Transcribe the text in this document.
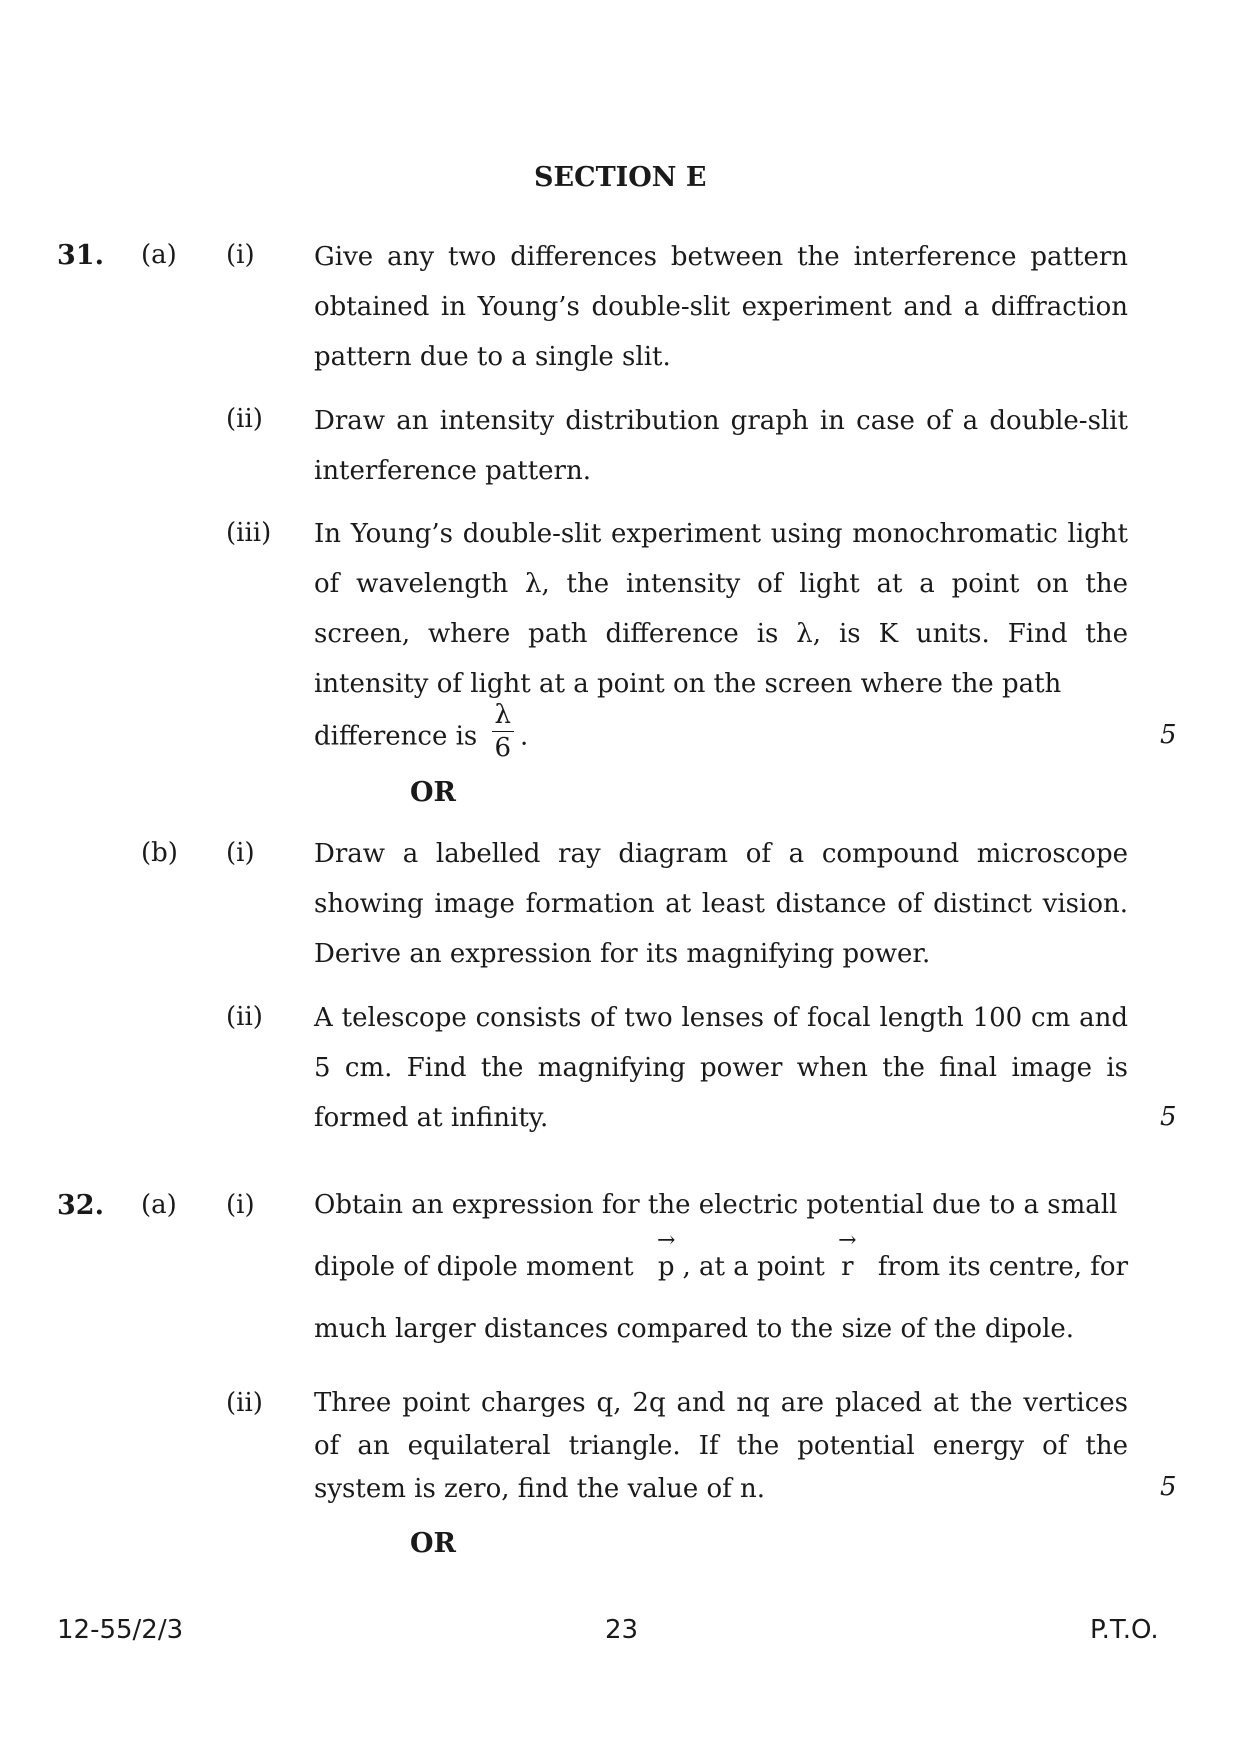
SECTION E
31. (a) (i) Give any two differences between the interference pattern obtained in Young’s double-slit experiment and a diffraction pattern due to a single slit.
(ii) Draw an intensity distribution graph in case of a double-slit interference pattern.
(iii) In Young’s double-slit experiment using monochromatic light of wavelength λ, the intensity of light at a point on the screen, where path difference is λ, is K units. Find the intensity of light at a point on the screen where the path
difference is $\frac{\lambda}{6}$ .	5
OR
(b) (i) Draw a labelled ray diagram of a compound microscope showing image formation at least distance of distinct vision. Derive an expression for its magnifying power.
(ii) A telescope consists of two lenses of focal length 100 cm and 5 cm. Find the magnifying power when the final image is formed at infinity.	5
32. (a) (i) Obtain an expression for the electric potential due to a small
dipole of dipole moment
→
p , at a point
→
r from its centre, for
much larger distances compared to the size of the dipole.
(ii) Three point charges q, 2q and nq are placed at the vertices of an equilateral triangle. If the potential energy of the system is zero, find the value of n.	5
OR
12-55/2/3	23	P.T.O.
